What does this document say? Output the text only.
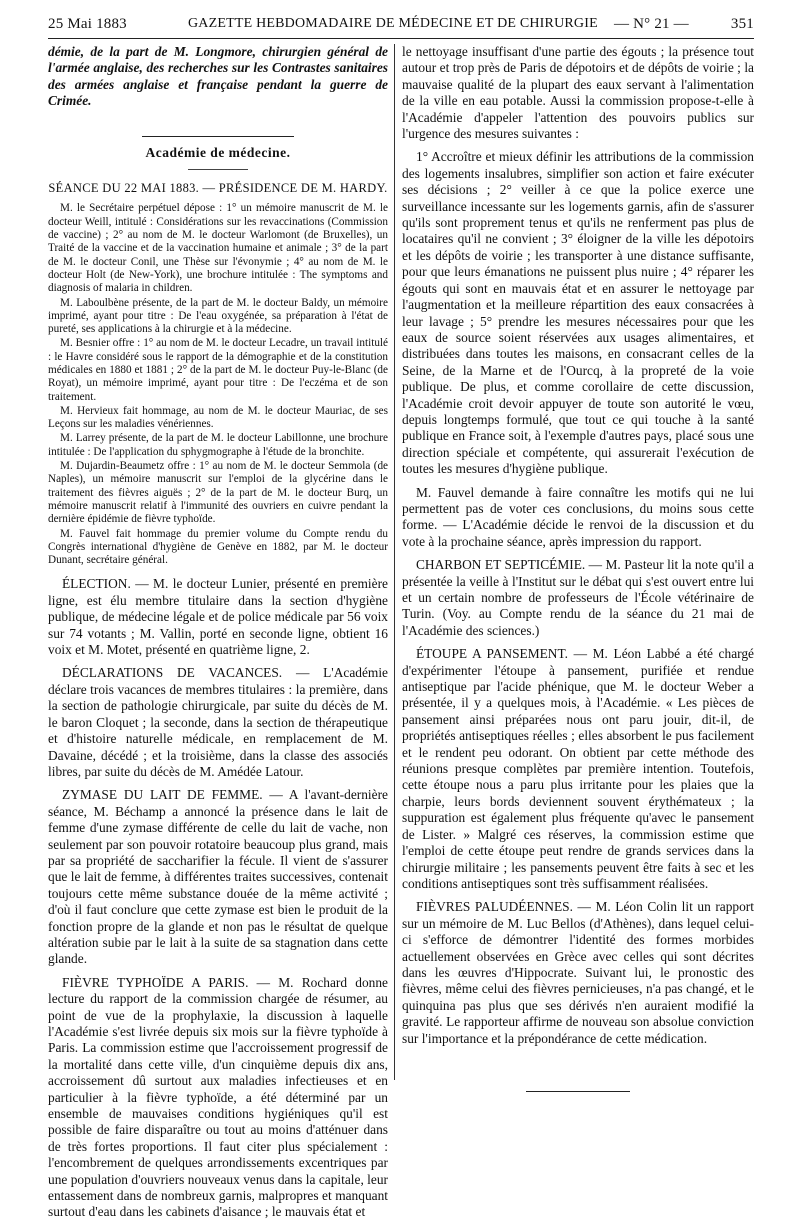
25 Mai 1883	GAZETTE HEBDOMADAIRE DE MÉDECINE ET DE CHIRURGIE — N° 21 —	351

démie, de la part de M. Longmore, chirurgien général de l'armée anglaise, des recherches sur les Contrastes sanitaires des armées anglaise et française pendant la guerre de Crimée.

Académie de médecine.
SÉANCE DU 22 MAI 1883. — PRÉSIDENCE DE M. HARDY.

M. le Secrétaire perpétuel dépose : 1° un mémoire manuscrit de M. le docteur Weill, intitulé : Considérations sur les revaccinations (Commission de vaccine) ; 2° au nom de M. le docteur Warlomont (de Bruxelles), un Traité de la vaccine et de la vaccination humaine et animale ; 3° de la part de M. le docteur Conil, une Thèse sur l'évonymie ; 4° au nom de M. le docteur Holt (de New-York), une brochure intitulée : The symptoms and diagnosis of malaria in children.

M. Laboulbène présente, de la part de M. le docteur Baldy, un mémoire imprimé, ayant pour titre : De l'eau oxygénée, sa préparation à l'état de pureté, ses applications à la chirurgie et à la médecine.

M. Besnier offre : 1° au nom de M. le docteur Lecadre, un travail intitulé : le Havre considéré sous le rapport de la démographie et de la constitution médicales en 1880 et 1881 ; 2° de la part de M. le docteur Puy-le-Blanc (de Royat), un mémoire imprimé, ayant pour titre : De l'eczéma et de son traitement.

M. Hervieux fait hommage, au nom de M. le docteur Mauriac, de ses Leçons sur les maladies vénériennes.

M. Larrey présente, de la part de M. le docteur Labillonne, une brochure intitulée : De l'application du sphygmographe à l'étude de la bronchite.

M. Dujardin-Beaumetz offre : 1° au nom de M. le docteur Semmola (de Naples), un mémoire manuscrit sur l'emploi de la glycérine dans le traitement des fièvres aiguës ; 2° de la part de M. le docteur Burq, un mémoire manuscrit relatif à l'immunité des ouvriers en cuivre pendant la dernière épidémie de fièvre typhoïde.

M. Fauvel fait hommage du premier volume du Compte rendu du Congrès international d'hygiène de Genève en 1882, par M. le docteur Dunant, secrétaire général.

ÉLECTION. — M. le docteur Lunier, présenté en première ligne, est élu membre titulaire dans la section d'hygiène publique, de médecine légale et de police médicale par 56 voix sur 74 votants ; M. Vallin, porté en seconde ligne, obtient 16 voix et M. Motet, présenté en quatrième ligne, 2.

DÉCLARATIONS DE VACANCES. — L'Académie déclare trois vacances de membres titulaires : la première, dans la section de pathologie chirurgicale, par suite du décès de M. le baron Cloquet ; la seconde, dans la section de thérapeutique et d'histoire naturelle médicale, en remplacement de M. Davaine, décédé ; et la troisième, dans la classe des associés libres, par suite du décès de M. Amédée Latour.

ZYMASE DU LAIT DE FEMME. — A l'avant-dernière séance, M. Béchamp a annoncé la présence dans le lait de femme d'une zymase différente de celle du lait de vache, non seulement par son pouvoir rotatoire beaucoup plus grand, mais par sa propriété de saccharifier la fécule. Il vient de s'assurer que le lait de femme, à différentes traites successives, contenait toujours cette même substance douée de la même activité ; d'où il faut conclure que cette zymase est bien le produit de la fonction propre de la glande et non pas le résultat de quelque altération subie par le lait à la suite de sa stagnation dans cette glande.

FIÈVRE TYPHOÏDE A PARIS. — M. Rochard donne lecture du rapport de la commission chargée de résumer, au point de vue de la prophylaxie, la discussion à laquelle l'Académie s'est livrée depuis six mois sur la fièvre typhoïde à Paris. La commission estime que l'accroissement progressif de la mortalité dans cette ville, d'un cinquième depuis dix ans, accroissement dû surtout aux maladies infectieuses et en particulier à la fièvre typhoïde, a été déterminé par un ensemble de mauvaises conditions hygiéniques qu'il est possible de faire disparaître ou tout au moins d'atténuer dans de très fortes proportions. Il faut citer plus spécialement : l'encombrement de quelques arrondissements excentriques par une population d'ouvriers nouveaux venus dans la capitale, leur entassement dans de nombreux garnis, malpropres et manquant surtout d'eau dans les cabinets d'aisance ; le mauvais état et

le nettoyage insuffisant d'une partie des égouts ; la présence tout autour et trop près de Paris de dépotoirs et de dépôts de voirie ; la mauvaise qualité de la plupart des eaux servant à l'alimentation de la ville en eau potable. Aussi la commission propose-t-elle à l'Académie d'appeler l'attention des pouvoirs publics sur l'urgence des mesures suivantes :

1° Accroître et mieux définir les attributions de la commission des logements insalubres, simplifier son action et faire exécuter ses décisions ; 2° veiller à ce que la police exerce une surveillance incessante sur les logements garnis, afin de s'assurer qu'ils sont proprement tenus et qu'ils ne renferment pas plus de locataires qu'il ne convient ; 3° éloigner de la ville les dépotoirs et les dépôts de voirie ; les transporter à une distance suffisante, pour que leurs émanations ne puissent plus nuire ; 4° réparer les égouts qui sont en mauvais état et en assurer le nettoyage par l'augmentation et la meilleure répartition des eaux consacrées à leur lavage ; 5° prendre les mesures nécessaires pour que les eaux de source soient réservées aux usages alimentaires, et distribuées dans toutes les maisons, en consacrant celles de la Seine, de la Marne et de l'Ourcq, à la propreté de la voie publique. De plus, et comme corollaire de cette discussion, l'Académie croit devoir appuyer de toute son autorité le vœu, depuis longtemps formulé, que tout ce qui touche à la santé publique en France soit, à l'exemple d'autres pays, placé sous une direction spéciale et compétente, qui assurerait l'exécution de toutes les mesures d'hygiène publique.

M. Fauvel demande à faire connaître les motifs qui ne lui permettent pas de voter ces conclusions, du moins sous cette forme. — L'Académie décide le renvoi de la discussion et du vote à la prochaine séance, après impression du rapport.

CHARBON ET SEPTICÉMIE. — M. Pasteur lit la note qu'il a présentée la veille à l'Institut sur le débat qui s'est ouvert entre lui et un certain nombre de professeurs de l'École vétérinaire de Turin. (Voy. au Compte rendu de la séance du 21 mai de l'Académie des sciences.)

ÉTOUPE A PANSEMENT. — M. Léon Labbé a été chargé d'expérimenter l'étoupe à pansement, purifiée et rendue antiseptique par l'acide phénique, que M. le docteur Weber a présentée, il y a quelques mois, à l'Académie. « Les pièces de pansement ainsi préparées nous ont paru jouir, dit-il, de propriétés antiseptiques réelles ; elles absorbent le pus facilement et le rendent peu odorant. On obtient par cette méthode des réunions presque complètes par première intention. Toutefois, cette étoupe nous a paru plus irritante pour les plaies que la charpie, leurs bords deviennent souvent érythémateux ; la suppuration est également plus fréquente qu'avec le pansement de Lister. » Malgré ces réserves, la commission estime que l'emploi de cette étoupe peut rendre de grands services dans la chirurgie militaire ; les pansements peuvent être faits à sec et les conditions antiseptiques sont très suffisamment réalisées.

FIÈVRES PALUDÉENNES. — M. Léon Colin lit un rapport sur un mémoire de M. Luc Bellos (d'Athènes), dans lequel celui-ci s'efforce de démontrer l'identité des formes morbides actuellement observées en Grèce avec celles qui sont décrites dans les œuvres d'Hippocrate. Suivant lui, le pronostic des fièvres, même celui des fièvres pernicieuses, n'a pas changé, et le quinquina pas plus que ses dérivés n'en auraient modifié la gravité. Le rapporteur affirme de nouveau son absolue conviction sur l'importance et la prépondérance de cette médication.
